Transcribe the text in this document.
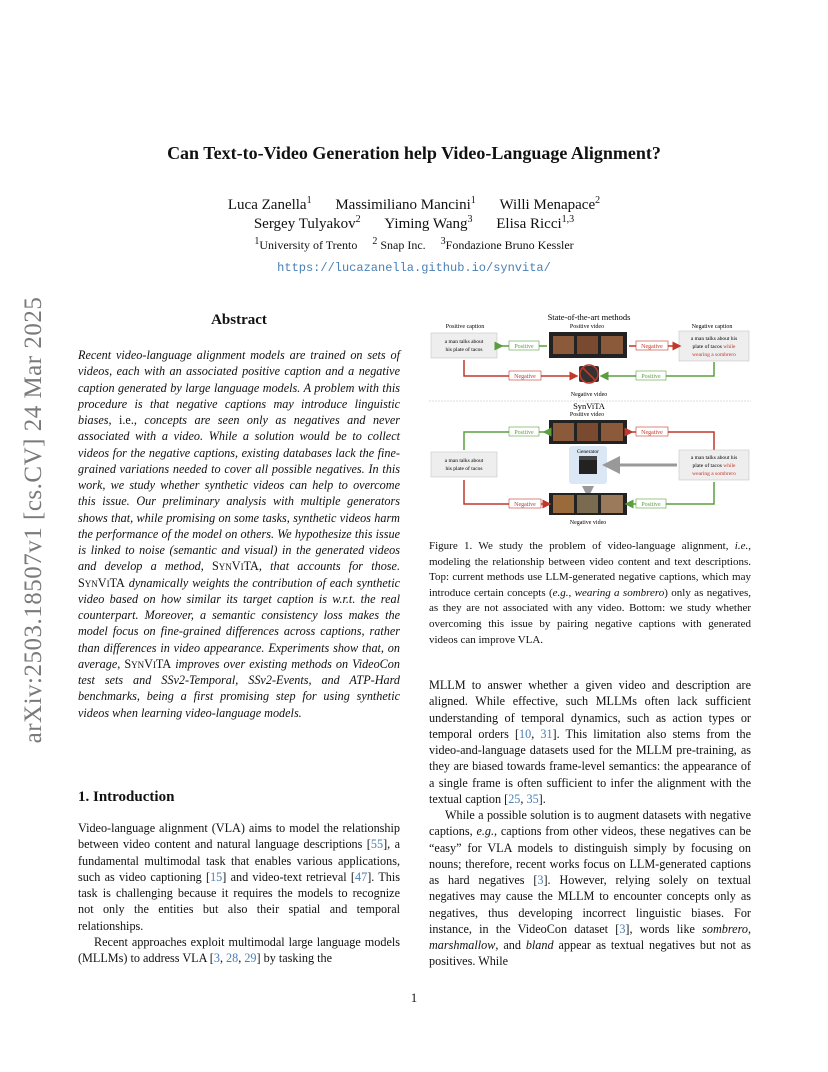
arXiv:2503.18507v1 [cs.CV] 24 Mar 2025
Can Text-to-Video Generation help Video-Language Alignment?
Luca Zanella$^1$ Massimiliano Mancini$^1$ Willi Menapace$^2$
Sergey Tulyakov$^2$ Yiming Wang$^3$ Elisa Ricci$^{1,3}$
$^1$University of Trento $^2$ Snap Inc. $^3$Fondazione Bruno Kessler
https://lucazanella.github.io/synvita/
Abstract
Recent video-language alignment models are trained on sets of videos, each with an associated positive caption and a negative caption generated by large language models. A problem with this procedure is that negative captions may introduce linguistic biases, i.e., concepts are seen only as negatives and never associated with a video. While a solution would be to collect videos for the negative captions, existing databases lack the fine-grained variations needed to cover all possible negatives. In this work, we study whether synthetic videos can help to overcome this issue. Our preliminary analysis with multiple generators shows that, while promising on some tasks, synthetic videos harm the performance of the model on others. We hypothesize this issue is linked to noise (semantic and visual) in the generated videos and develop a method, SynViTA, that accounts for those. SynViTA dynamically weights the contribution of each synthetic video based on how similar its target caption is w.r.t. the real counterpart. Moreover, a semantic consistency loss makes the model focus on fine-grained differences across captions, rather than differences in video appearance. Experiments show that, on average, SynViTA improves over existing methods on VideoCon test sets and SSv2-Temporal, SSv2-Events, and ATP-Hard benchmarks, being a first promising step for using synthetic videos when learning video-language models.
1. Introduction

Video-language alignment (VLA) aims to model the relationship between video content and natural language descriptions [55], a fundamental multimodal task that enables various applications, such as video captioning [15] and video-text retrieval [47]. This task is challenging because it requires the models to recognize not only the entities but also their spatial and temporal relationships.

Recent approaches exploit multimodal large language models (MLLMs) to address VLA [3, 28, 29] by tasking the

State-of-the-art methods
Positive caption	Positive video	Negative caption
a man talks about
his plate of tacos
a man talks about his
plate of tacos while
wearing a sombrero
Positive	Negative
Negative	Positive
Negative video
SynViTA
Positive video
Positive	Negative
a man talks about
his plate of tacos
a man talks about his
plate of tacos while
wearing a sombrero
Generator
Negative	Positive
Negative video

Figure 1. We study the problem of video-language alignment, i.e., modeling the relationship between video content and text descriptions. Top: current methods use LLM-generated negative captions, which may introduce certain concepts (e.g., wearing a sombrero) only as negatives, as they are not associated with any video. Bottom: we study whether overcoming this issue by pairing negative captions with generated videos can improve VLA.

MLLM to answer whether a given video and description are aligned. While effective, such MLLMs often lack sufficient understanding of temporal dynamics, such as action types or temporal orders [10, 31]. This limitation also stems from the video-and-language datasets used for the MLLM pre-training, as they are biased towards frame-level semantics: the appearance of a single frame is often sufficient to infer the alignment with the textual caption [25, 35].

While a possible solution is to augment datasets with negative captions, e.g., captions from other videos, these negatives can be “easy” for VLA models to distinguish simply by focusing on nouns; therefore, recent works focus on LLM-generated captions as hard negatives [3]. However, relying solely on textual negatives may cause the MLLM to encounter concepts only as negatives, thus developing incorrect linguistic biases. For instance, in the VideoCon dataset [3], words like sombrero, marshmallow, and bland appear as textual negatives but not as positives. While

1
